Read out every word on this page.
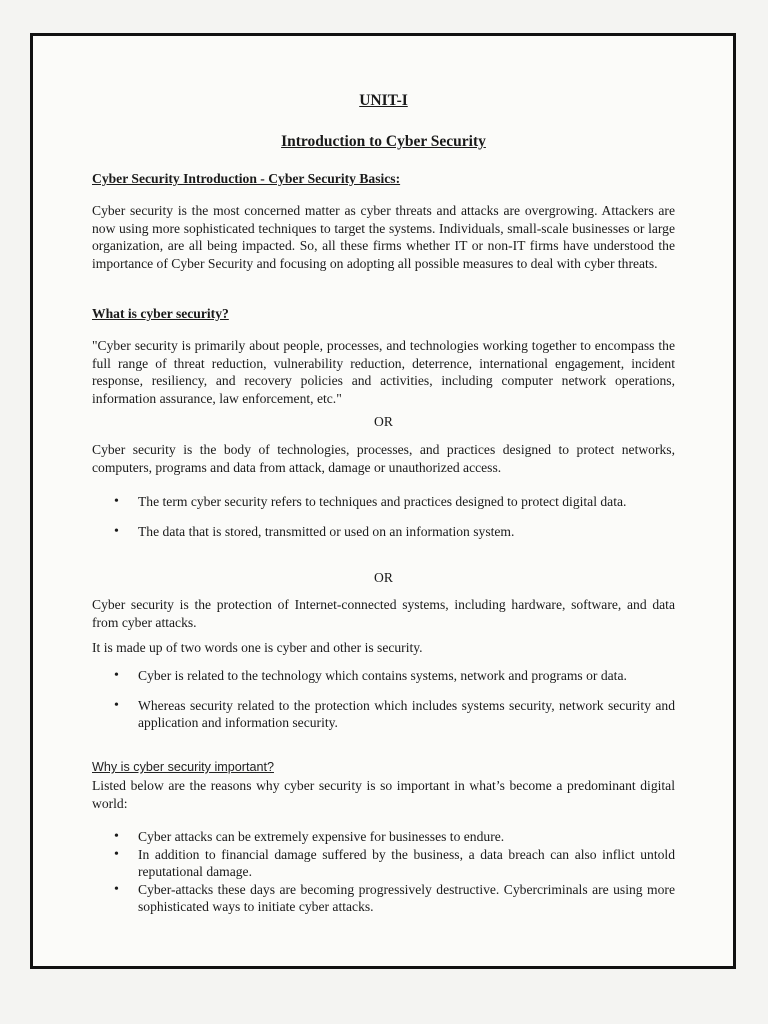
UNIT-I
Introduction to Cyber Security
Cyber Security Introduction - Cyber Security Basics:
Cyber security is the most concerned matter as cyber threats and attacks are overgrowing. Attackers are now using more sophisticated techniques to target the systems. Individuals, small-scale businesses or large organization, are all being impacted. So, all these firms whether IT or non-IT firms have understood the importance of Cyber Security and focusing on adopting all possible measures to deal with cyber threats.
What is cyber security?
"Cyber security is primarily about people, processes, and technologies working together to encompass the full range of threat reduction, vulnerability reduction, deterrence, international engagement, incident response, resiliency, and recovery policies and activities, including computer network operations, information assurance, law enforcement, etc."
OR
Cyber security is the body of technologies, processes, and practices designed to protect networks, computers, programs and data from attack, damage or unauthorized access.
• The term cyber security refers to techniques and practices designed to protect digital data.
• The data that is stored, transmitted or used on an information system.
OR
Cyber security is the protection of Internet-connected systems, including hardware, software, and data from cyber attacks.
It is made up of two words one is cyber and other is security.
• Cyber is related to the technology which contains systems, network and programs or data.
• Whereas security related to the protection which includes systems security, network security and application and information security.
Why is cyber security important?
Listed below are the reasons why cyber security is so important in what’s become a predominant digital world:
• Cyber attacks can be extremely expensive for businesses to endure.
• In addition to financial damage suffered by the business, a data breach can also inflict untold reputational damage.
• Cyber-attacks these days are becoming progressively destructive. Cybercriminals are using more sophisticated ways to initiate cyber attacks.
